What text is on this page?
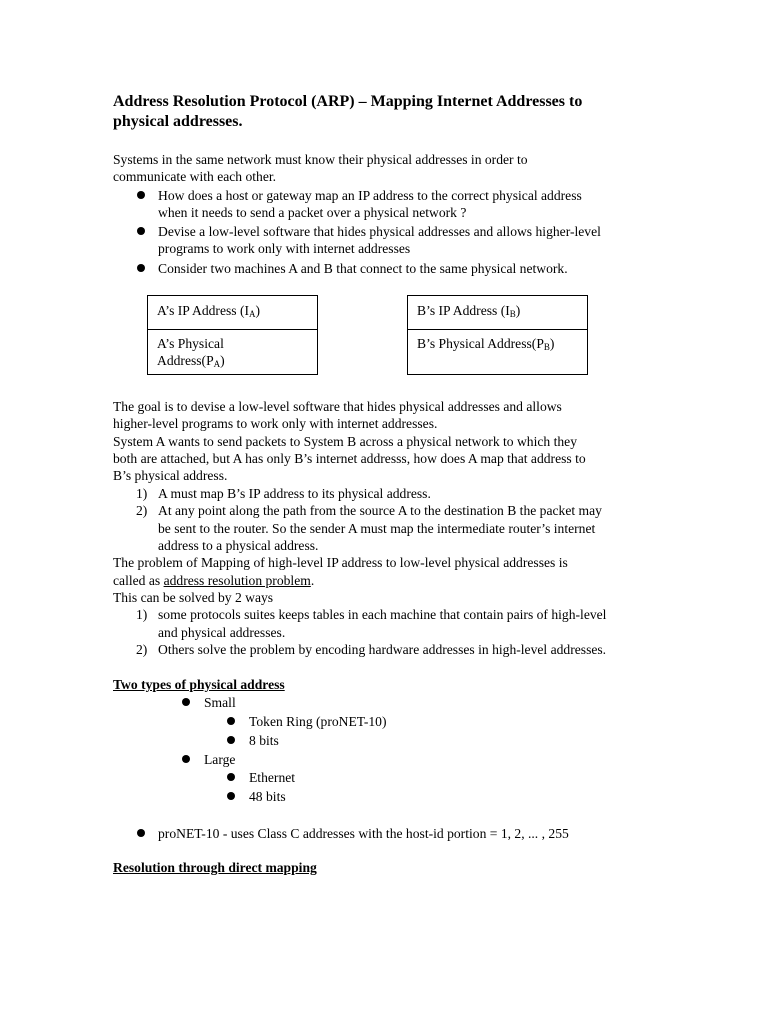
Address Resolution Protocol (ARP) – Mapping Internet Addresses to
physical addresses.
Systems in the same network must know their physical addresses in order to
communicate with each other.
How does a host or gateway map an IP address to the correct physical address
when it needs to send a packet over a physical network ?
Devise a low-level software that hides physical addresses and allows higher-level
programs to work only with internet addresses
Consider two machines A and B that connect to the same physical network.
A’s IP Address $(I_A)$
A’s Physical
$Address(P_A)$
B’s IP Address $(I_B)$
B’s Physical $Address(P_B)$
The goal is to devise a low-level software that hides physical addresses and allows
higher-level programs to work only with internet addresses.
System A wants to send packets to System B across a physical network to which they
both are attached, but A has only B’s internet addresss, how does A map that address to
B’s physical address.
1) A must map B’s IP address to its physical address.
2) At any point along the path from the source A to the destination B the packet may
be sent to the router. So the sender A must map the intermediate router’s internet
address to a physical address.
The problem of Mapping of high-level IP address to low-level physical addresses is
called as address resolution problem.
This can be solved by 2 ways
1) some protocols suites keeps tables in each machine that contain pairs of high-level
and physical addresses.
2) Others solve the problem by encoding hardware addresses in high-level addresses.
Two types of physical address
Small
Token Ring (proNET-10)
8 bits
Large
Ethernet
48 bits
proNET-10 - uses Class C addresses with the host-id portion = 1, 2, ... , 255
Resolution through direct mapping
